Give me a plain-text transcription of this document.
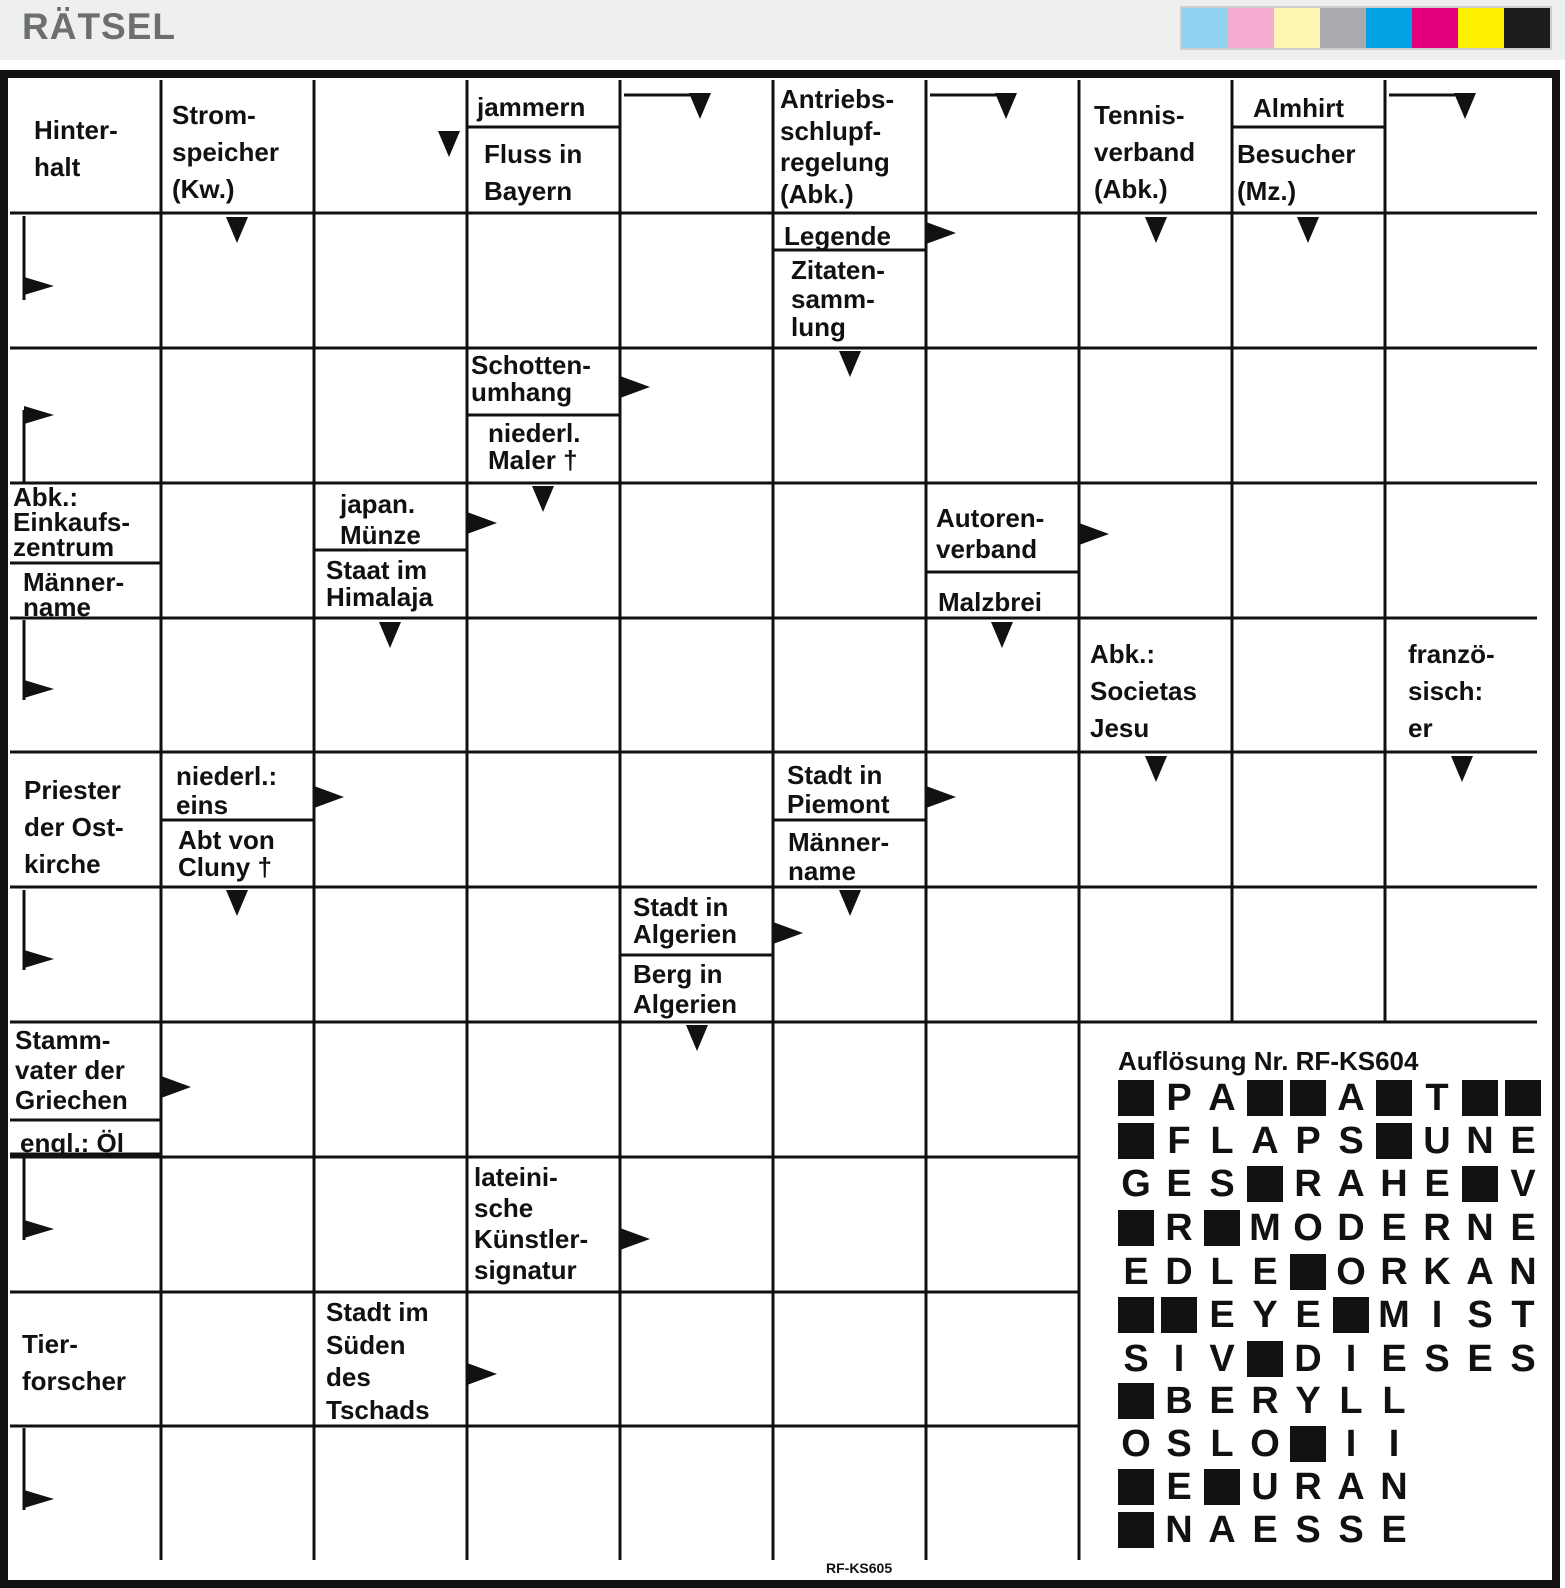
RÄTSEL
Hinter-
halt
Strom-
speicher
(Kw.)
jammern
Fluss in
Bayern
Antriebs-
schlupf-
regelung
(Abk.)
Tennis-
verband
(Abk.)
Almhirt
Besucher
(Mz.)
Legende
Zitaten-
samm-
lung
Schotten-
umhang
niederl.
Maler †
Abk.:
Einkaufs-
zentrum
Männer-
name
japan.
Münze
Staat im
Himalaja
Autoren-
verband
Malzbrei
Abk.:
Societas
Jesu
franzö-
sisch:
er
Priester
der Ost-
kirche
niederl.:
eins
Abt von
Cluny †
Stadt in
Piemont
Männer-
name
Stadt in
Algerien
Berg in
Algerien
Stamm-
vater der
Griechen
engl.: Öl
lateini-
sche
Künstler-
signatur
Stadt im
Süden
des
Tschads
Tier-
forscher
Auflösung Nr. RF-KS604
P A	A T
F L A P S U N E
G E S R A H E V
R M O D E R N E
E D L E O R K A N
E Y E M I S T
S I V D I E S E S
B E R Y L L
O S L O	I I
E U R A N
N A E S S E
RF-KS605
